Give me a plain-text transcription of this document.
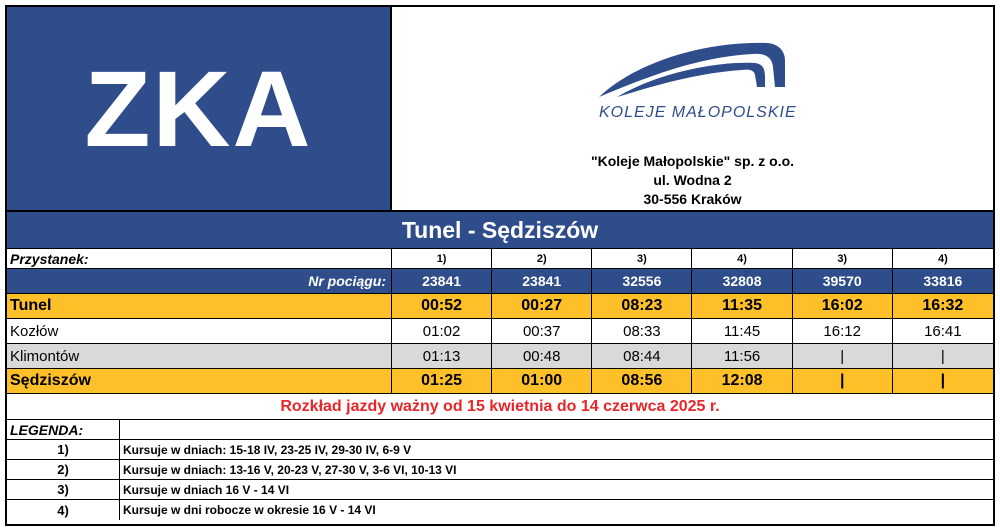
ZKA	KOLEJE MAŁOPOLSKIE
"Koleje Małopolskie" sp. z o.o.
ul. Wodna 2
30-556 Kraków
Tunel - Sędziszów
Przystanek:	1)	2)	3)	4)	3)	4)
Nr pociągu:	23841	23841	32556	32808	39570	33816
Tunel	00:52	00:27	08:23	11:35	16:02	16:32
Kozłów	01:02	00:37	08:33	11:45	16:12	16:41
Klimontów	01:13	00:48	08:44	11:56	|	|
Sędziszów	01:25	01:00	08:56	12:08	|	|
Rozkład jazdy ważny od 15 kwietnia do 14 czerwca 2025 r.
LEGENDA:
1)	Kursuje w dniach: 15-18 IV, 23-25 IV, 29-30 IV, 6-9 V
2)	Kursuje w dniach: 13-16 V, 20-23 V, 27-30 V, 3-6 VI, 10-13 VI
3)	Kursuje w dniach 16 V - 14 VI
4)	Kursuje w dni robocze w okresie 16 V - 14 VI
